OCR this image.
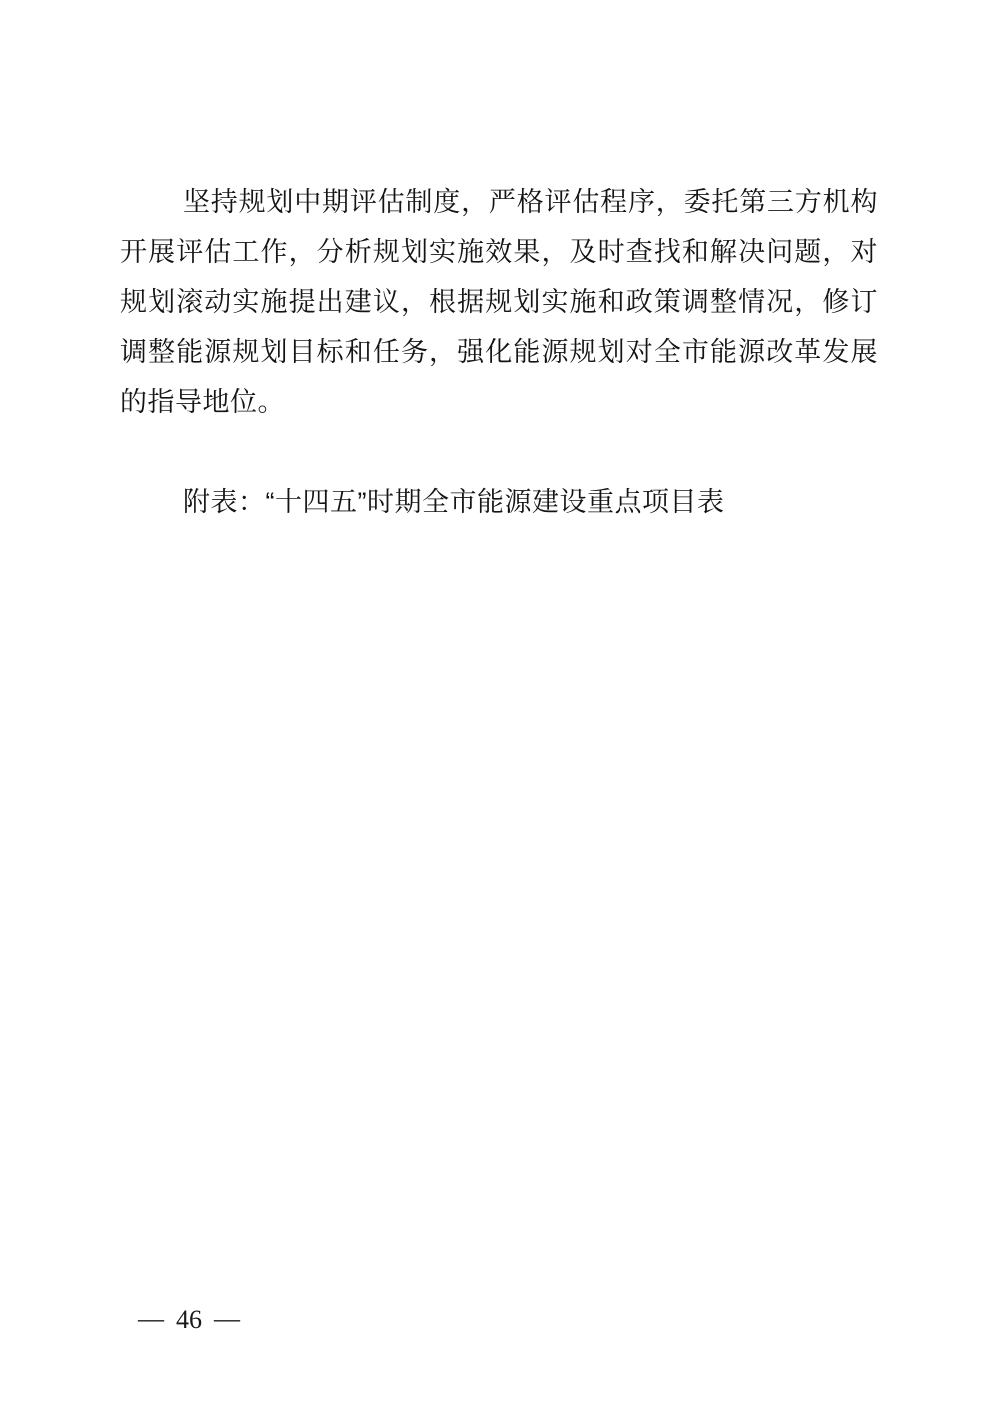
坚持规划中期评估制度，严格评估程序，委托第三方机构开展评估工作，分析规划实施效果，及时查找和解决问题，对规划滚动实施提出建议，根据规划实施和政策调整情况，修订调整能源规划目标和任务，强化能源规划对全市能源改革发展的指导地位。

附表：“十四五”时期全市能源建设重点项目表

— 46 —
